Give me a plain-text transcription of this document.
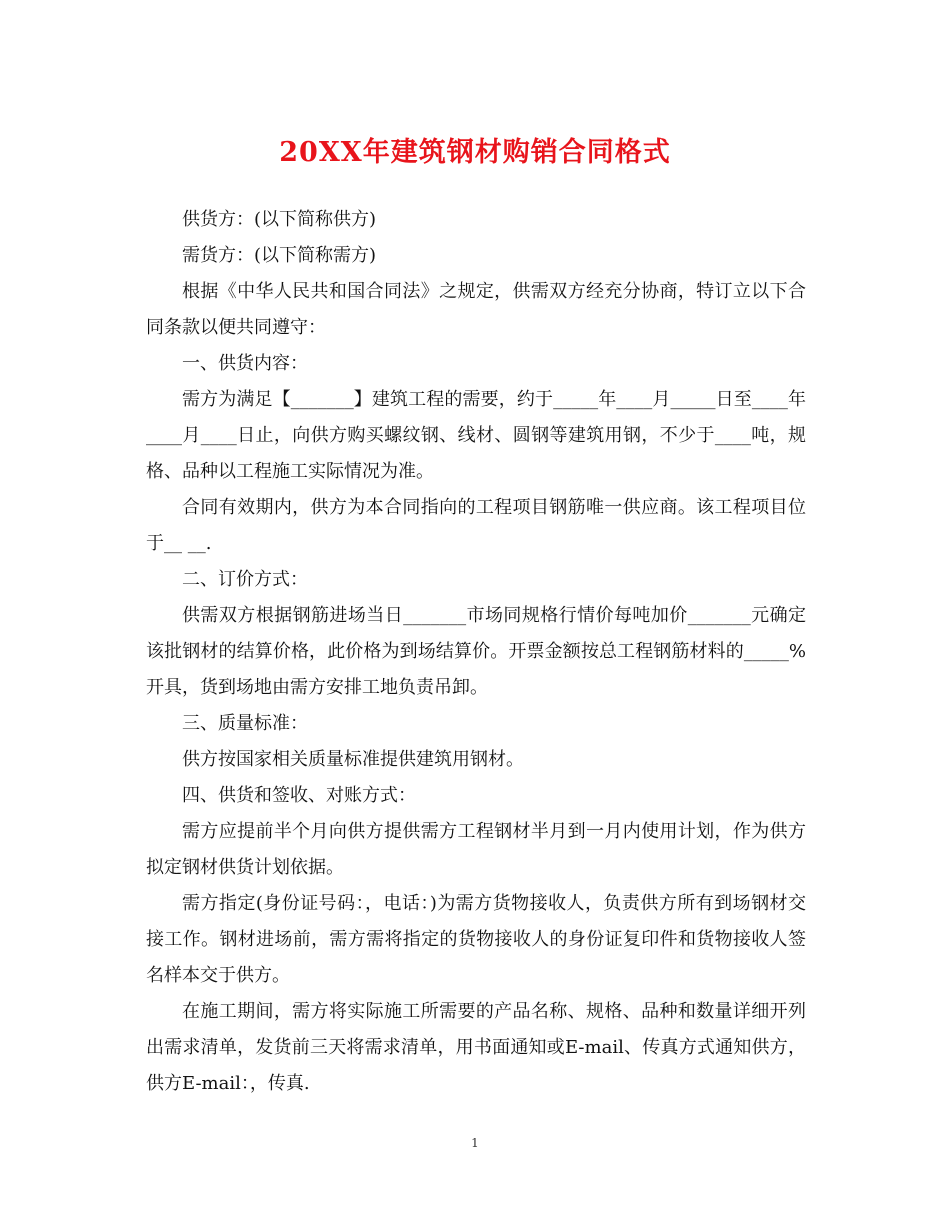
20XX年建筑钢材购销合同格式

供货方：(以下简称供方)

需货方：(以下简称需方)

根据《中华人民共和国合同法》之规定，供需双方经充分协商，特订立以下合同条款以便共同遵守：

一、供货内容：

需方为满足【_______】建筑工程的需要，约于_____年____月_____日至____年____月____日止，向供方购买螺纹钢、线材、圆钢等建筑用钢，不少于____吨，规格、品种以工程施工实际情况为准。

合同有效期内，供方为本合同指向的工程项目钢筋唯一供应商。该工程项目位于__ __.

二、订价方式：

供需双方根据钢筋进场当日_______市场同规格行情价每吨加价_______元确定该批钢材的结算价格，此价格为到场结算价。开票金额按总工程钢筋材料的_____%开具，货到场地由需方安排工地负责吊卸。

三、质量标准：

供方按国家相关质量标准提供建筑用钢材。

四、供货和签收、对账方式：

需方应提前半个月向供方提供需方工程钢材半月到一月内使用计划，作为供方拟定钢材供货计划依据。

需方指定(身份证号码：，电话：)为需方货物接收人，负责供方所有到场钢材交接工作。钢材进场前，需方需将指定的货物接收人的身份证复印件和货物接收人签名样本交于供方。

在施工期间，需方将实际施工所需要的产品名称、规格、品种和数量详细开列出需求清单，发货前三天将需求清单，用书面通知或E-mail、传真方式通知供方，供方E-mail：，传真.

1
